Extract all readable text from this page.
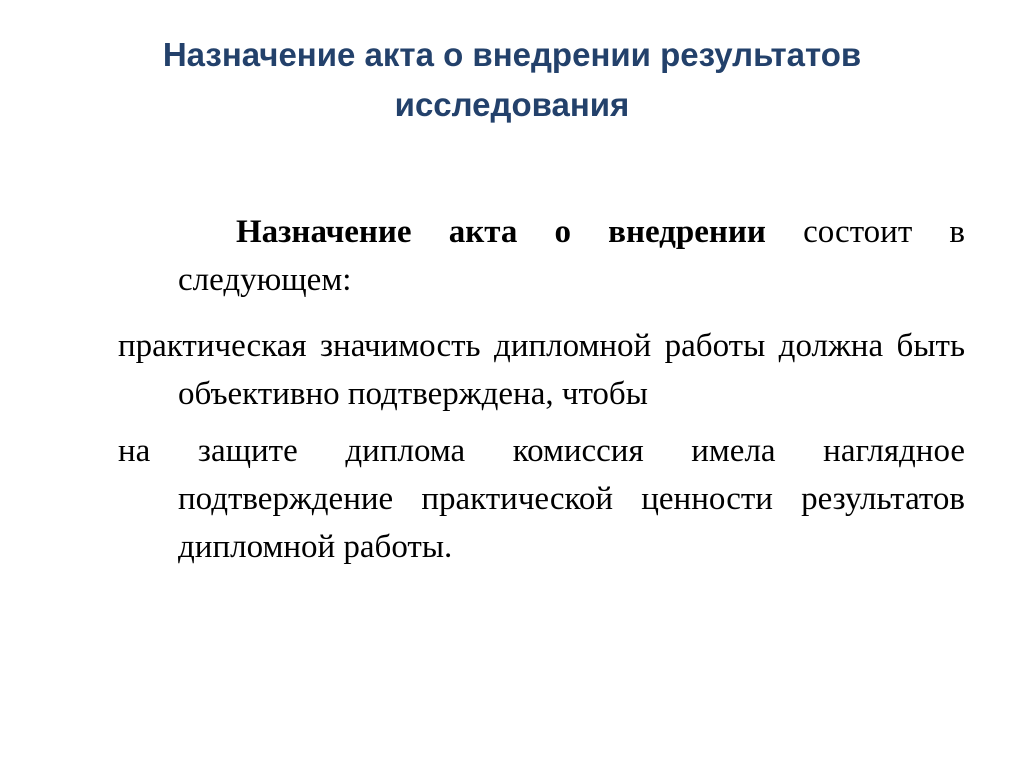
Назначение акта о внедрении результатов
исследования

Назначение акта о внедрении состоит в следующем:

практическая значимость дипломной работы должна быть объективно подтверждена, чтобы

на защите диплома комиссия имела наглядное подтверждение практической ценности результатов дипломной работы.
